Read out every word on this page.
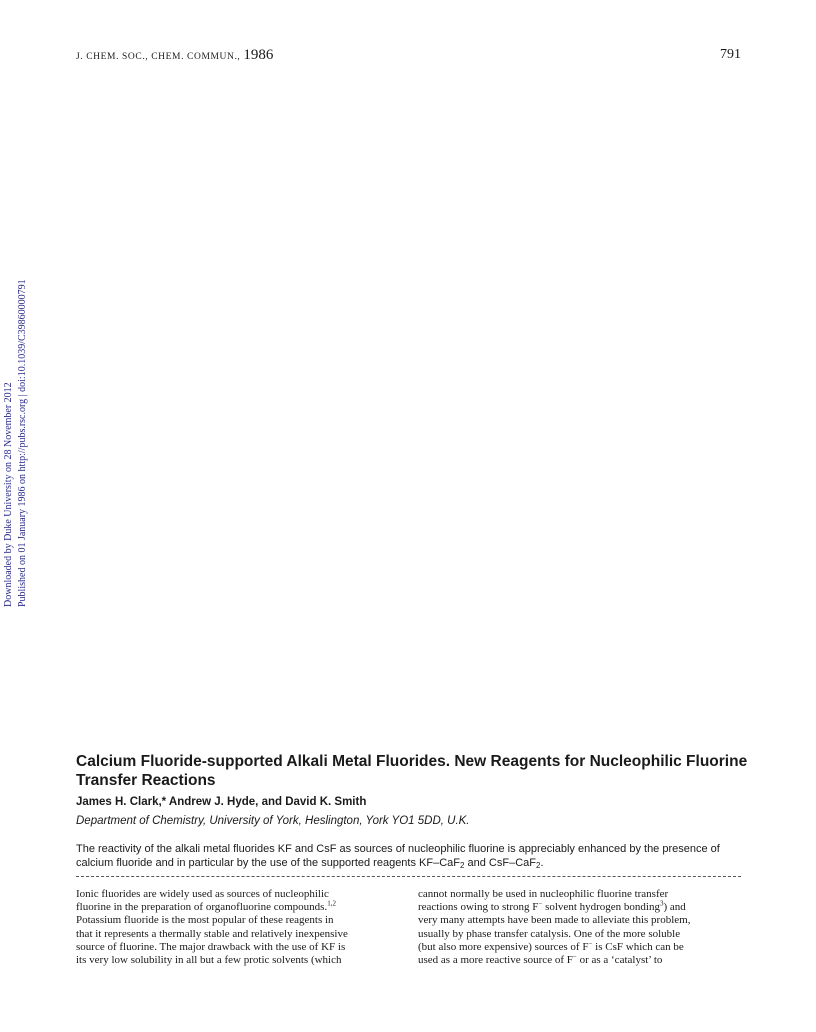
J. CHEM. SOC., CHEM. COMMUN., 1986	791
Downloaded by Duke University on 28 November 2012 Published on 01 January 1986 on http://pubs.rsc.org | doi:10.1039/C39860000791
Calcium Fluoride-supported Alkali Metal Fluorides. New Reagents for Nucleophilic Fluorine Transfer Reactions
James H. Clark,* Andrew J. Hyde, and David K. Smith
Department of Chemistry, University of York, Heslington, York YO1 5DD, U.K.

The reactivity of the alkali metal fluorides KF and CsF as sources of nucleophilic fluorine is appreciably enhanced by the presence of calcium fluoride and in particular by the use of the supported reagents KF–CaF$_2$ and CsF–CaF$_2$.

Ionic fluorides are widely used as sources of nucleophilic
fluorine in the preparation of organofluorine compounds.$^{1,2}$
Potassium fluoride is the most popular of these reagents in
that it represents a thermally stable and relatively inexpensive
source of fluorine. The major drawback with the use of KF is
its very low solubility in all but a few protic solvents (which
cannot normally be used in nucleophilic fluorine transfer
reactions owing to strong F− solvent hydrogen bonding$^3$) and
very many attempts have been made to alleviate this problem,
usually by phase transfer catalysis. One of the more soluble
(but also more expensive) sources of F− is CsF which can be
used as a more reactive source of F− or as a ‘catalyst’ to
